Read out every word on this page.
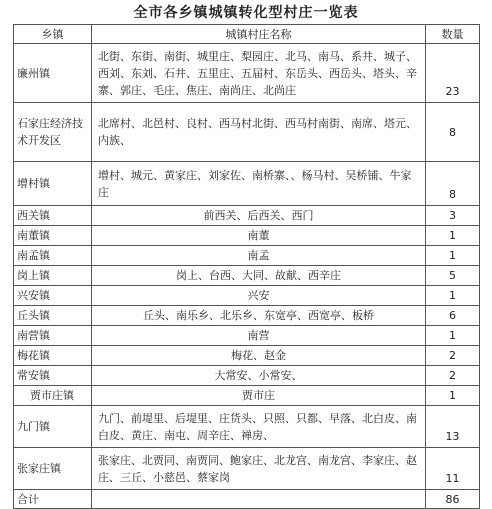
全市各乡镇城镇转化型村庄一览表
乡镇	城镇村庄名称	数量
廉州镇	北街、东街、南街、城里庄、梨园庄、北马、南马、系井、城子、西刘、东刘、石井、五里庄、五届村、东岳头、西岳头、塔头、辛寨、郭庄、毛庄、焦庄、南尚庄、北尚庄	23
石家庄经济技术开发区	北席村、北邑村、良村、西马村北街、西马村南街、南席、塔元、内族、	8
增村镇	增村、城元、黄家庄、刘家佐、南桥寨、、杨马村、吴桥铺、牛家庄	8
西关镇	前西关、后西关、西门	3
南董镇	南董	1
南孟镇	南孟	1
岗上镇	岗上、台西、大同、故献、西辛庄	5
兴安镇	兴安	1
丘头镇	丘头、南乐乡、北乐乡、东宽亭、西宽亭、板桥	6
南营镇	南营	1
梅花镇	梅花、赵金	2
常安镇	大常安、小常安、	2
贾市庄镇	贾市庄	1
九门镇	九门、前堤里、后堤里、庄货头、只照、只都、早落、北白皮、南白皮、黄庄、南屯、周辛庄、禅房、	13
张家庄镇	张家庄、北贾同、南贾同、鲍家庄、北龙宫、南龙宫、李家庄、赵庄、三丘、小慈邑、蔡家岗	11
合计		86
